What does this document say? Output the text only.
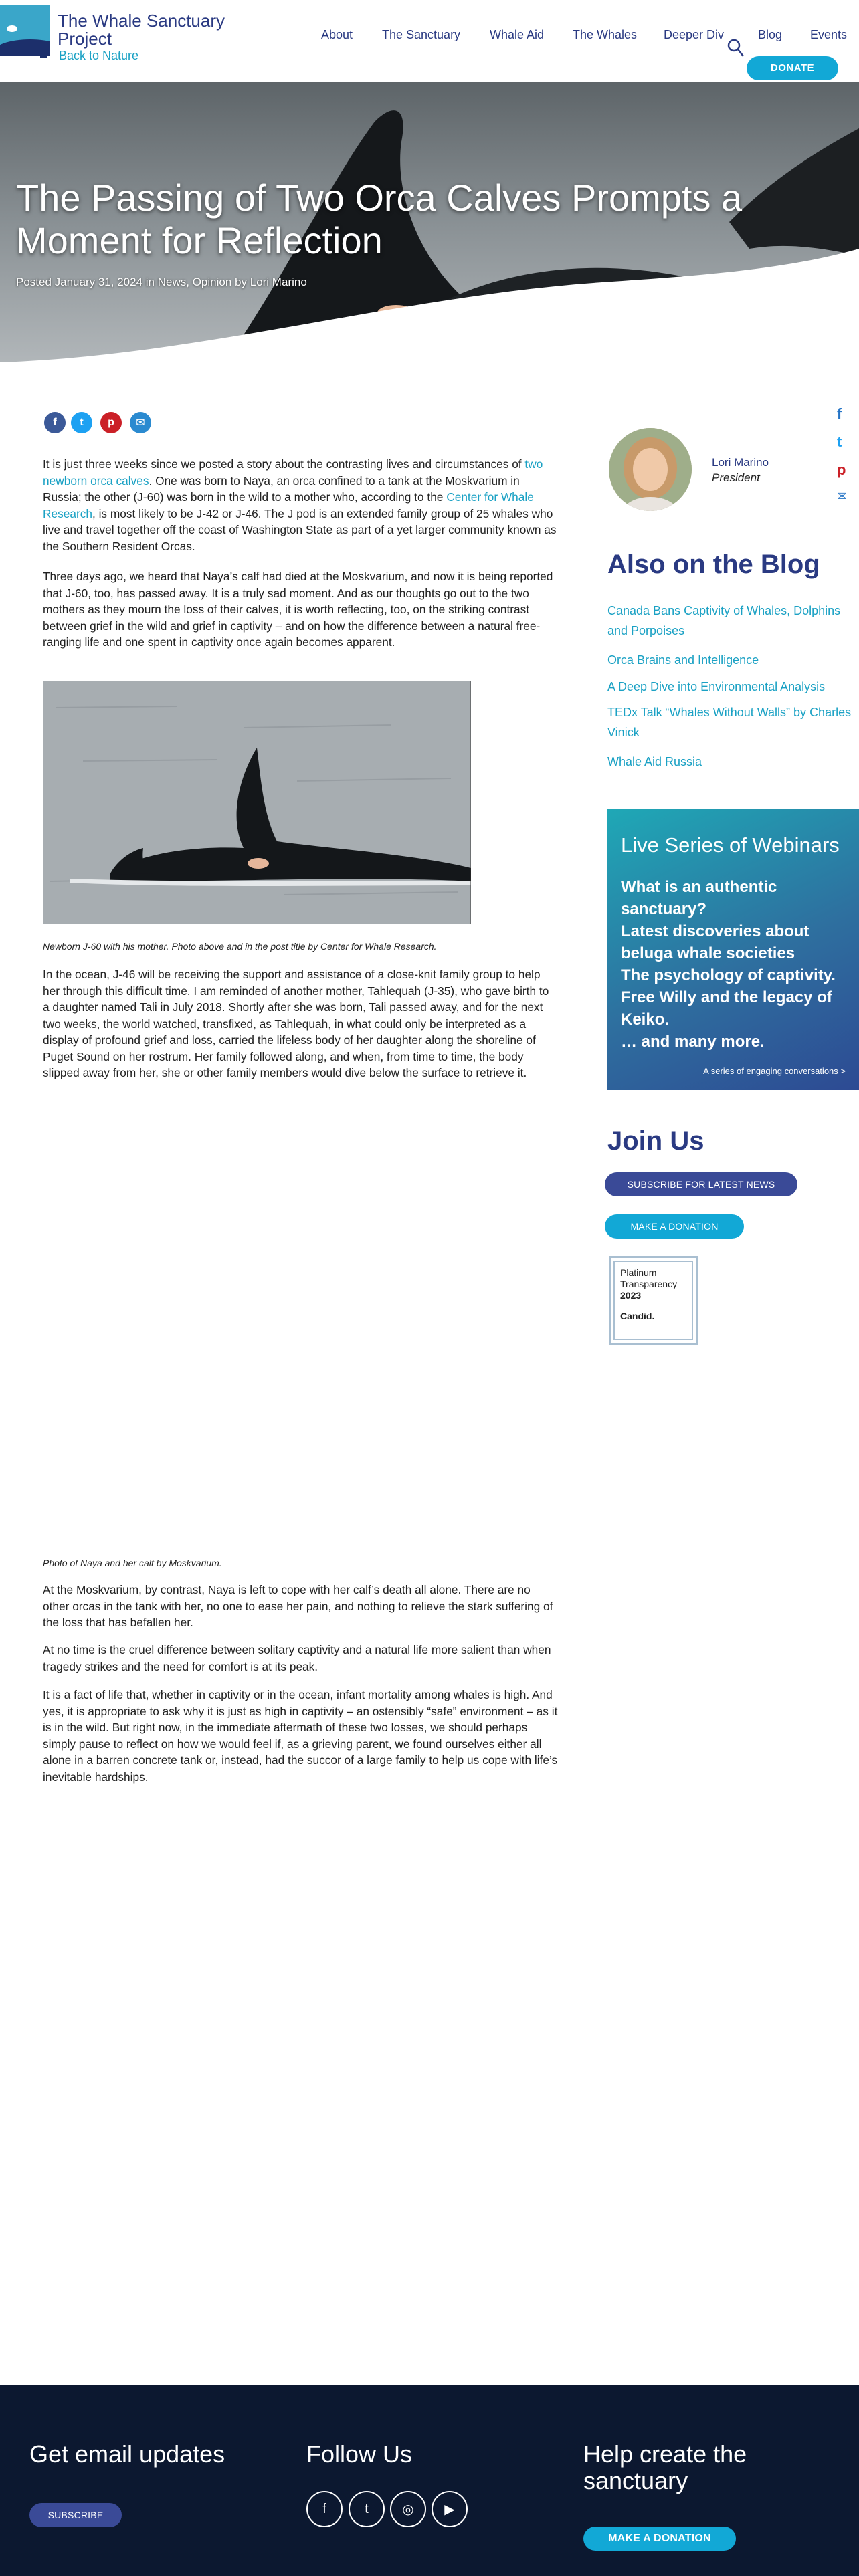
The Whale Sanctuary Project
Back to Nature
About The Sanctuary Whale Aid The Whales Deeper Div	Blog Events
DONATE
The Passing of Two Orca Calves Prompts a Moment for Reflection
Posted January 31, 2024 in News, Opinion by Lori Marino
f	t	p	✉
f
t
p
✉

It is just three weeks since we posted a story about the contrasting lives and circumstances of two newborn orca calves. One was born to Naya, an orca confined to a tank at the Moskvarium in Russia; the other (J-60) was born in the wild to a mother who, according to the Center for Whale Research, is most likely to be J-42 or J-46. The J pod is an extended family group of 25 whales who live and travel together off the coast of Washington State as part of a yet larger community known as the Southern Resident Orcas.

Three days ago, we heard that Naya’s calf had died at the Moskvarium, and now it is being reported that J-60, too, has passed away. It is a truly sad moment. And as our thoughts go out to the two mothers as they mourn the loss of their calves, it is worth reflecting, too, on the striking contrast between grief in the wild and grief in captivity – and on how the difference between a natural free-ranging life and one spent in captivity once again becomes apparent.

Newborn J-60 with his mother. Photo above and in the post title by Center for Whale Research.

In the ocean, J-46 will be receiving the support and assistance of a close-knit family group to help her through this difficult time. I am reminded of another mother, Tahlequah (J-35), who gave birth to a daughter named Tali in July 2018. Shortly after she was born, Tali passed away, and for the next two weeks, the world watched, transfixed, as Tahlequah, in what could only be interpreted as a display of profound grief and loss, carried the lifeless body of her daughter along the shoreline of Puget Sound on her rostrum. Her family followed along, and when, from time to time, the body slipped away from her, she or other family members would dive below the surface to retrieve it.

Photo of Naya and her calf by Moskvarium.

At the Moskvarium, by contrast, Naya is left to cope with her calf’s death all alone. There are no other orcas in the tank with her, no one to ease her pain, and nothing to relieve the stark suffering of the loss that has befallen her.

At no time is the cruel difference between solitary captivity and a natural life more salient than when tragedy strikes and the need for comfort is at its peak.

It is a fact of life that, whether in captivity or in the ocean, infant mortality among whales is high. And yes, it is appropriate to ask why it is just as high in captivity – an ostensibly “safe” environment – as it is in the wild. But right now, in the immediate aftermath of these two losses, we should perhaps simply pause to reflect on how we would feel if, as a grieving parent, we found ourselves either all alone in a barren concrete tank or, instead, had the succor of a large family to help us cope with life’s inevitable hardships.

Lori Marino
President
Also on the Blog
Canada Bans Captivity of Whales, Dolphins and Porpoises
Orca Brains and Intelligence
A Deep Dive into Environmental Analysis
TEDx Talk “Whales Without Walls” by Charles Vinick
Whale Aid Russia
Live Series of Webinars
What is an authentic sanctuary?
Latest discoveries about beluga whale societies
The psychology of captivity.
Free Willy and the legacy of Keiko.
… and many more.
A series of engaging conversations >
Join Us
SUBSCRIBE FOR LATEST NEWS
MAKE A DONATION
Platinum
Transparency
2023
Candid.
Get email updates
SUBSCRIBE
Follow Us
f	t	◎	▶
Help create the sanctuary
MAKE A DONATION
